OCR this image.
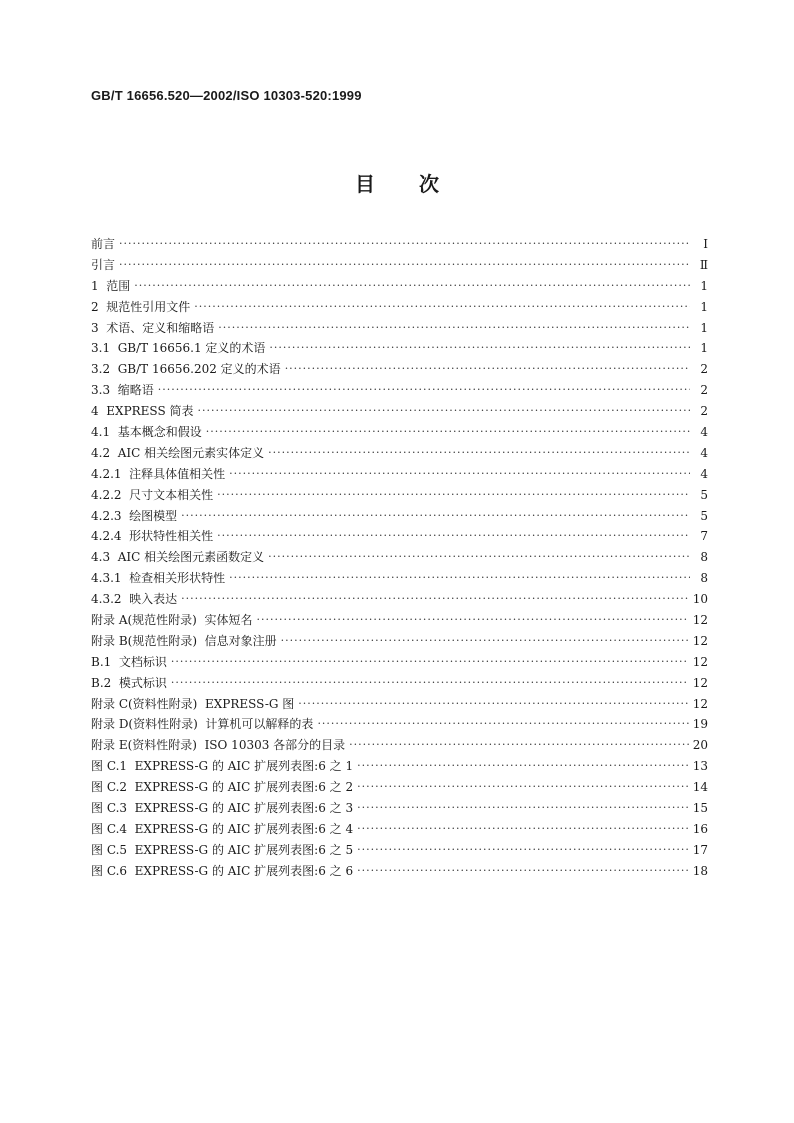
GB/T 16656.520—2002/ISO 10303-520:1999
目 次
前言 ·····	Ⅰ
引言 ·····	Ⅱ
1  范围 ·····	1
2  规范性引用文件 ·····	1
3  术语、定义和缩略语 ·····	1
3.1  GB/T 16656.1 定义的术语 ·····	1
3.2  GB/T 16656.202 定义的术语 ·····	2
3.3  缩略语 ·····	2
4  EXPRESS 简表 ·····	2
4.1  基本概念和假设 ·····	4
4.2  AIC 相关绘图元素实体定义 ·····	4
4.2.1  注释具体值相关性 ·····	4
4.2.2  尺寸文本相关性 ·····	5
4.2.3  绘图模型 ·····	5
4.2.4  形状特性相关性 ·····	7
4.3  AIC 相关绘图元素函数定义 ·····	8
4.3.1  检查相关形状特性 ·····	8
4.3.2  映入表达 ·····	10
附录 A(规范性附录)  实体短名 ·····	12
附录 B(规范性附录)  信息对象注册 ·····	12
B.1  文档标识 ·····	12
B.2  模式标识 ·····	12
附录 C(资料性附录)  EXPRESS-G 图 ·····	12
附录 D(资料性附录)  计算机可以解释的表 ·····	19
附录 E(资料性附录)  ISO 10303 各部分的目录 ·····	20
图 C.1  EXPRESS-G 的 AIC 扩展列表图:6 之 1 ·····	13
图 C.2  EXPRESS-G 的 AIC 扩展列表图:6 之 2 ·····	14
图 C.3  EXPRESS-G 的 AIC 扩展列表图:6 之 3 ·····	15
图 C.4  EXPRESS-G 的 AIC 扩展列表图:6 之 4 ·····	16
图 C.5  EXPRESS-G 的 AIC 扩展列表图:6 之 5 ·····	17
图 C.6  EXPRESS-G 的 AIC 扩展列表图:6 之 6 ·····	18
